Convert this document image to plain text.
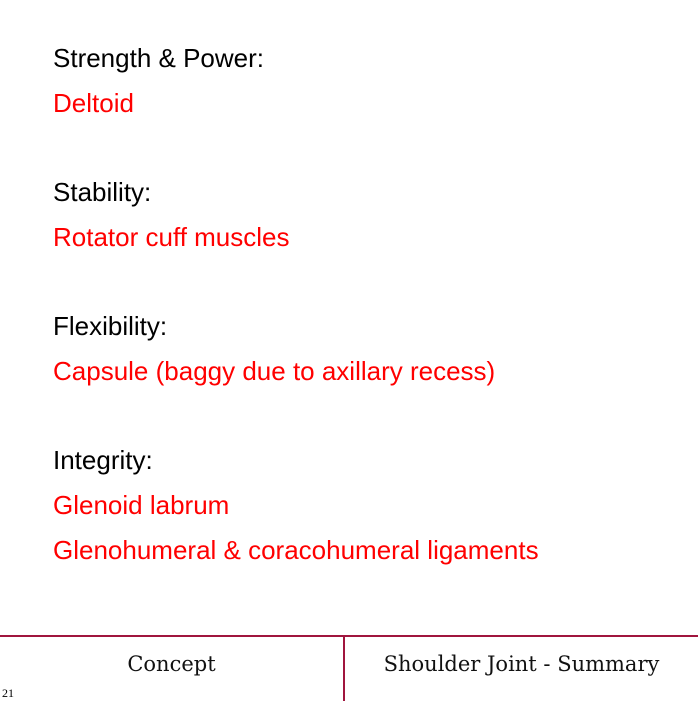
Strength & Power:
Deltoid
Stability:
Rotator cuff muscles
Flexibility:
Capsule (baggy due to axillary recess)
Integrity:
Glenoid labrum
Glenohumeral & coracohumeral ligaments
Concept	Shoulder Joint - Summary
21
